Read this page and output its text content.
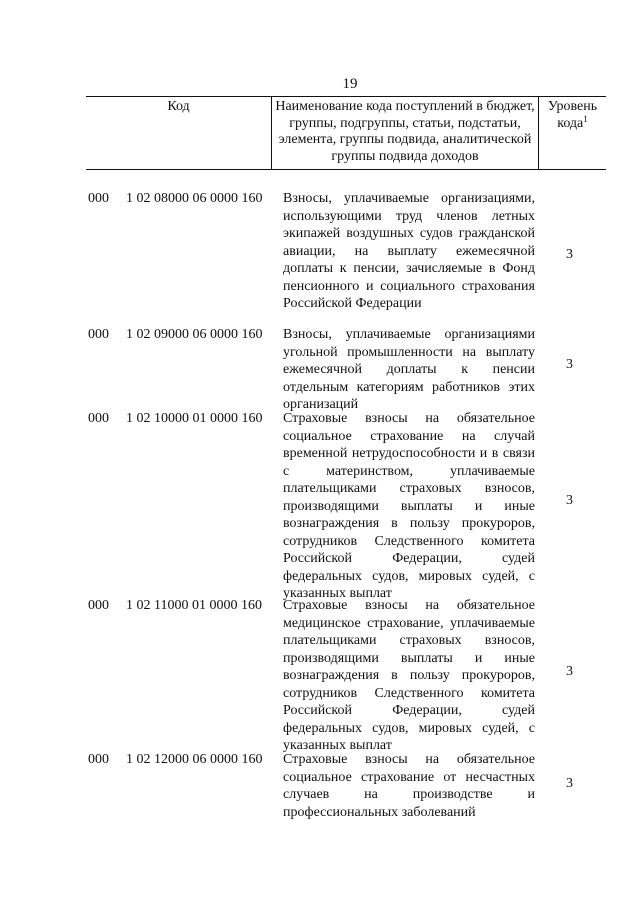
19
Код	Наименование кода поступлений в бюджет, группы, подгруппы, статьи, подстатьи, элемента, группы подвида, аналитической группы подвида доходов
Уровень кода$^1$
000 1 02 08000 06 0000 160 Взносы, уплачиваемые организациями, использующими труд членов летных экипажей воздушных судов гражданской авиации, на выплату ежемесячной доплаты к пенсии, зачисляемые в Фонд пенсионного и социального страхования Российской Федерации
3
000 1 02 09000 06 0000 160 Взносы, уплачиваемые организациями угольной промышленности на выплату ежемесячной доплаты к пенсии отдельным категориям работников этих организаций
3
000 1 02 10000 01 0000 160 Страховые взносы на обязательное социальное страхование на случай временной нетрудоспособности и в связи с материнством, уплачиваемые плательщиками страховых взносов, производящими выплаты и иные вознаграждения в пользу прокуроров, сотрудников Следственного комитета Российской Федерации, судей федеральных судов, мировых судей, с указанных выплат
3
000 1 02 11000 01 0000 160 Страховые взносы на обязательное медицинское страхование, уплачиваемые плательщиками страховых взносов, производящими выплаты и иные вознаграждения в пользу прокуроров, сотрудников Следственного комитета Российской Федерации, судей федеральных судов, мировых судей, с указанных выплат
3
000 1 02 12000 06 0000 160 Страховые взносы на обязательное социальное страхование от несчастных случаев на производстве и профессиональных заболеваний
3
